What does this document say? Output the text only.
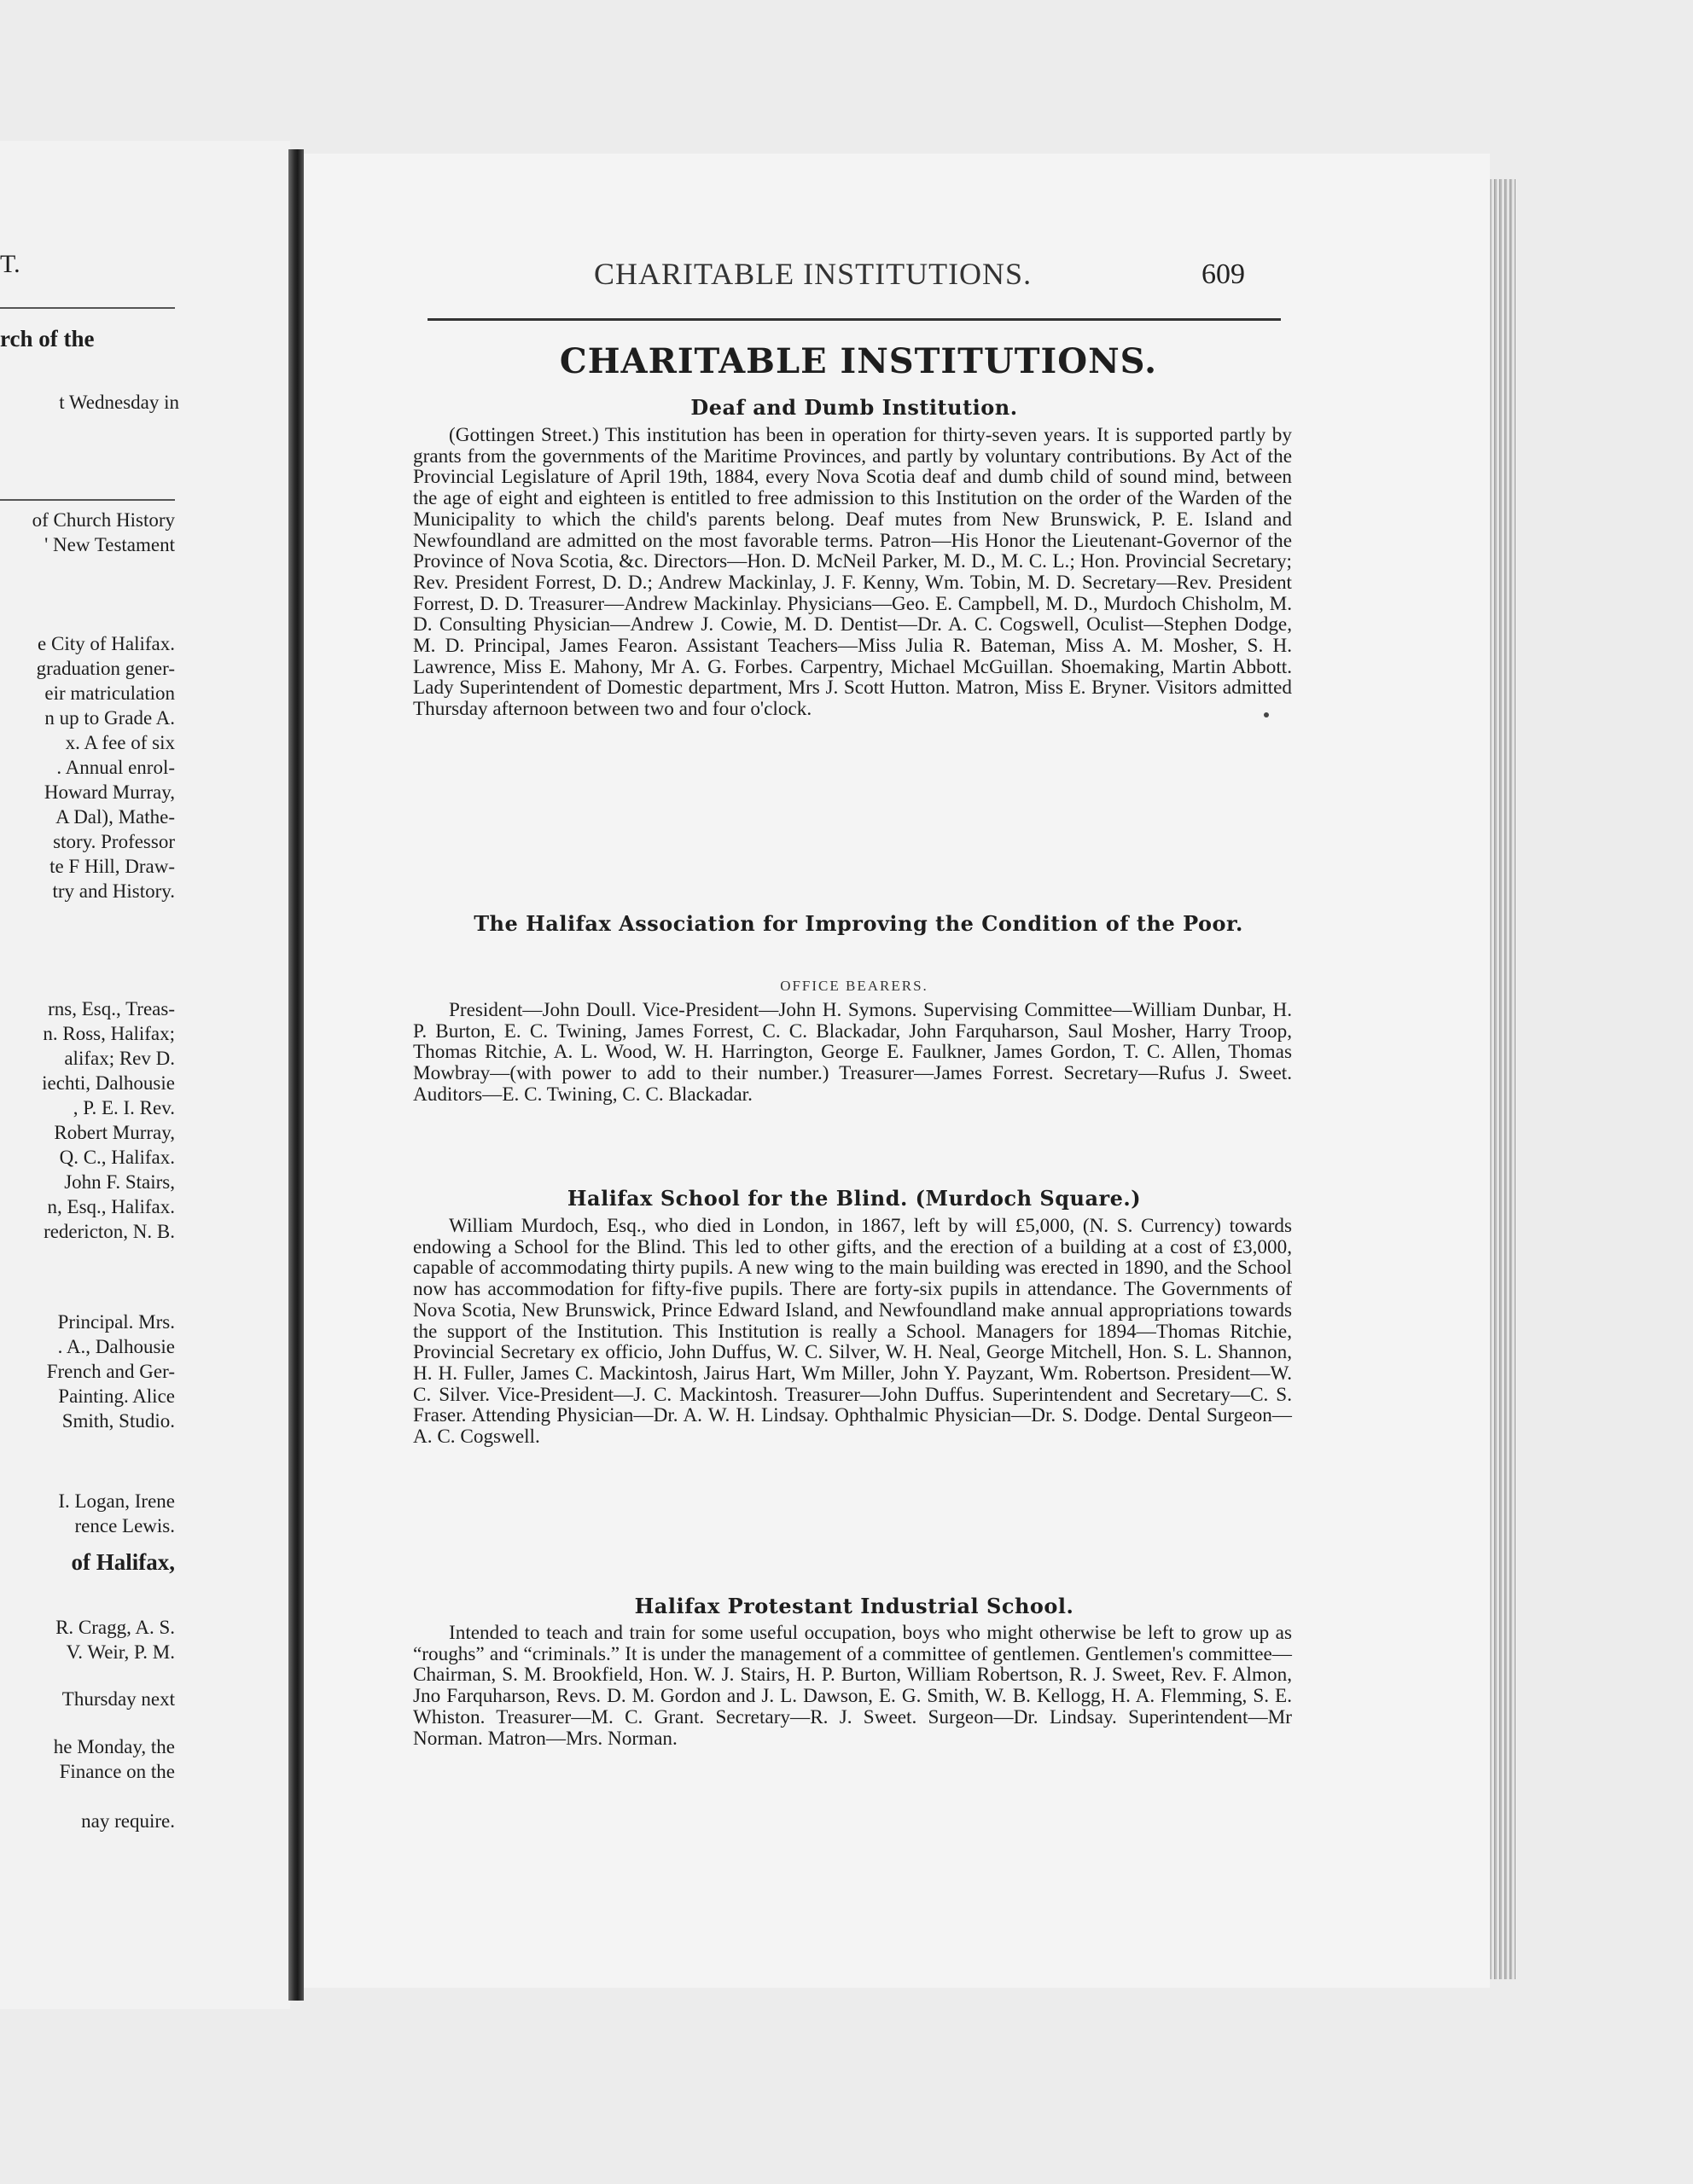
T.
rch of the
t Wednesday in
of Church History
' New Testament
e City of Halifax.
graduation gener-
eir matriculation
n up to Grade A.
x. A fee of six
. Annual enrol-
Howard Murray,
A Dal), Mathe-
story. Professor
te F Hill, Draw-
try and History.
rns, Esq., Treas-
n. Ross, Halifax;
alifax; Rev D.
iechti, Dalhousie
, P. E. I. Rev.
Robert Murray,
Q. C., Halifax.
John F. Stairs,
n, Esq., Halifax.
redericton, N. B.
Principal. Mrs.
. A., Dalhousie
French and Ger-
Painting. Alice
Smith, Studio.
I. Logan, Irene
rence Lewis.
of Halifax,
R. Cragg, A. S.
V. Weir, P. M.
Thursday next
he Monday, the
Finance on the
nay require.
CHARITABLE INSTITUTIONS.	609
CHARITABLE INSTITUTIONS.
Deaf and Dumb Institution.

(Gottingen Street.) This institution has been in operation for thirty-seven years. It is supported partly by grants from the governments of the Maritime Provinces, and partly by voluntary contributions. By Act of the Provincial Legislature of April 19th, 1884, every Nova Scotia deaf and dumb child of sound mind, between the age of eight and eighteen is entitled to free admission to this Institution on the order of the Warden of the Municipality to which the child's parents belong. Deaf mutes from New Brunswick, P. E. Island and Newfoundland are admitted on the most favorable terms. Patron—His Honor the Lieutenant-Governor of the Province of Nova Scotia, &c. Directors—Hon. D. McNeil Parker, M. D., M. C. L.; Hon. Provincial Secretary; Rev. President Forrest, D. D.; Andrew Mackinlay, J. F. Kenny, Wm. Tobin, M. D. Secretary—Rev. President Forrest, D. D. Treasurer—Andrew Mackinlay. Physicians—Geo. E. Campbell, M. D., Murdoch Chisholm, M. D. Consulting Physician—Andrew J. Cowie, M. D. Dentist—Dr. A. C. Cogswell, Oculist—Stephen Dodge, M. D. Principal, James Fearon. Assistant Teachers—Miss Julia R. Bateman, Miss A. M. Mosher, S. H. Lawrence, Miss E. Mahony, Mr A. G. Forbes. Carpentry, Michael McGuillan. Shoemaking, Martin Abbott. Lady Superintendent of Domestic department, Mrs J. Scott Hutton. Matron, Miss E. Bryner. Visitors admitted Thursday afternoon between two and four o'clock.

The Halifax Association for Improving the Condition of the Poor.
OFFICE BEARERS.

President—John Doull. Vice-President—John H. Symons. Supervising Committee—William Dunbar, H. P. Burton, E. C. Twining, James Forrest, C. C. Blackadar, John Farquharson, Saul Mosher, Harry Troop, Thomas Ritchie, A. L. Wood, W. H. Harrington, George E. Faulkner, James Gordon, T. C. Allen, Thomas Mowbray—(with power to add to their number.) Treasurer—James Forrest. Secretary—Rufus J. Sweet. Auditors—E. C. Twining, C. C. Blackadar.

Halifax School for the Blind. (Murdoch Square.)

William Murdoch, Esq., who died in London, in 1867, left by will £5,000, (N. S. Currency) towards endowing a School for the Blind. This led to other gifts, and the erection of a building at a cost of £3,000, capable of accommodating thirty pupils. A new wing to the main building was erected in 1890, and the School now has accommodation for fifty-five pupils. There are forty-six pupils in attendance. The Governments of Nova Scotia, New Brunswick, Prince Edward Island, and Newfoundland make annual appropriations towards the support of the Institution. This Institution is really a School. Managers for 1894—Thomas Ritchie, Provincial Secretary ex officio, John Duffus, W. C. Silver, W. H. Neal, George Mitchell, Hon. S. L. Shannon, H. H. Fuller, James C. Mackintosh, Jairus Hart, Wm Miller, John Y. Payzant, Wm. Robertson. President—W. C. Silver. Vice-President—J. C. Mackintosh. Treasurer—John Duffus. Superintendent and Secretary—C. S. Fraser. Attending Physician—Dr. A. W. H. Lindsay. Ophthalmic Physician—Dr. S. Dodge. Dental Surgeon—A. C. Cogswell.

Halifax Protestant Industrial School.

Intended to teach and train for some useful occupation, boys who might otherwise be left to grow up as “roughs” and “criminals.” It is under the management of a committee of gentlemen. Gentlemen's committee—Chairman, S. M. Brookfield, Hon. W. J. Stairs, H. P. Burton, William Robertson, R. J. Sweet, Rev. F. Almon, Jno Farquharson, Revs. D. M. Gordon and J. L. Dawson, E. G. Smith, W. B. Kellogg, H. A. Flemming, S. E. Whiston. Treasurer—M. C. Grant. Secretary—R. J. Sweet. Surgeon—Dr. Lindsay. Superintendent—Mr Norman. Matron—Mrs. Norman.
